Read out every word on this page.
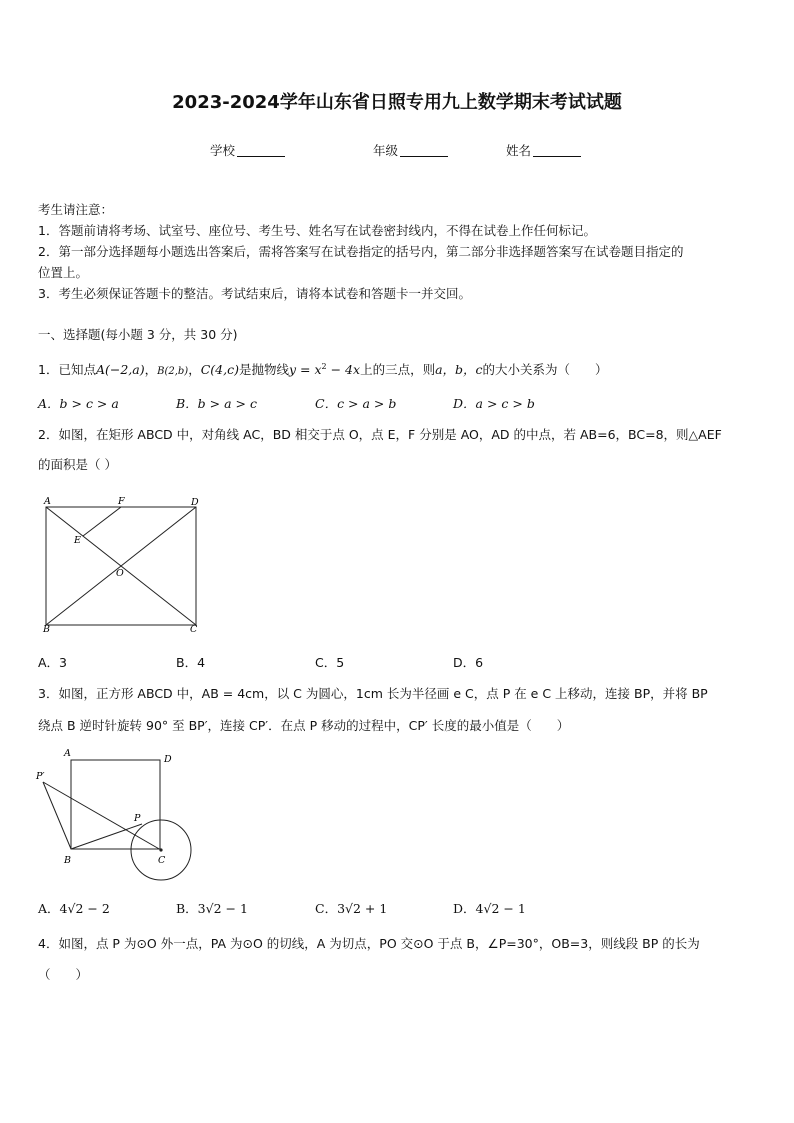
2023-2024学年山东省日照专用九上数学期末考试试题
学校	年级	姓名
考生请注意：
1．答题前请将考场、试室号、座位号、考生号、姓名写在试卷密封线内，不得在试卷上作任何标记。
2．第一部分选择题每小题选出答案后，需将答案写在试卷指定的括号内，第二部分非选择题答案写在试卷题目指定的
位置上。
3．考生必须保证答题卡的整洁。考试结束后，请将本试卷和答题卡一并交回。
一、选择题(每小题 3 分，共 30 分)
1．已知点A(−2,a)，B(2,b)，C(4,c)是抛物线$y = x^2 - 4x$上的三点，则a，b，c的大小关系为（　　）
A．b > c > a	B．b > a > c	C．c > a > b	D．a > c > b
2．如图，在矩形 ABCD 中，对角线 AC，BD 相交于点 O，点 E，F 分别是 AO，AD 的中点，若 AB=6，BC=8，则△AEF
的面积是（ ）
A	F	D
E
O
B	C
A．3	B．4	C．5	D．6
3．如图，正方形 ABCD 中，AB = 4cm，以 C 为圆心，1cm 长为半径画 e C，点 P 在 e C 上移动，连接 BP，并将 BP
绕点 B 逆时针旋转 90° 至 BP′，连接 CP′．在点 P 移动的过程中，CP′ 长度的最小值是（　　）
A
D
P′
P
B	C
A．4√2 − 2	B．3√2 − 1	C．3√2 + 1	D．4√2 − 1
4．如图，点 P 为⊙O 外一点，PA 为⊙O 的切线，A 为切点，PO 交⊙O 于点 B，∠P=30°，OB=3，则线段 BP 的长为
（　　）
